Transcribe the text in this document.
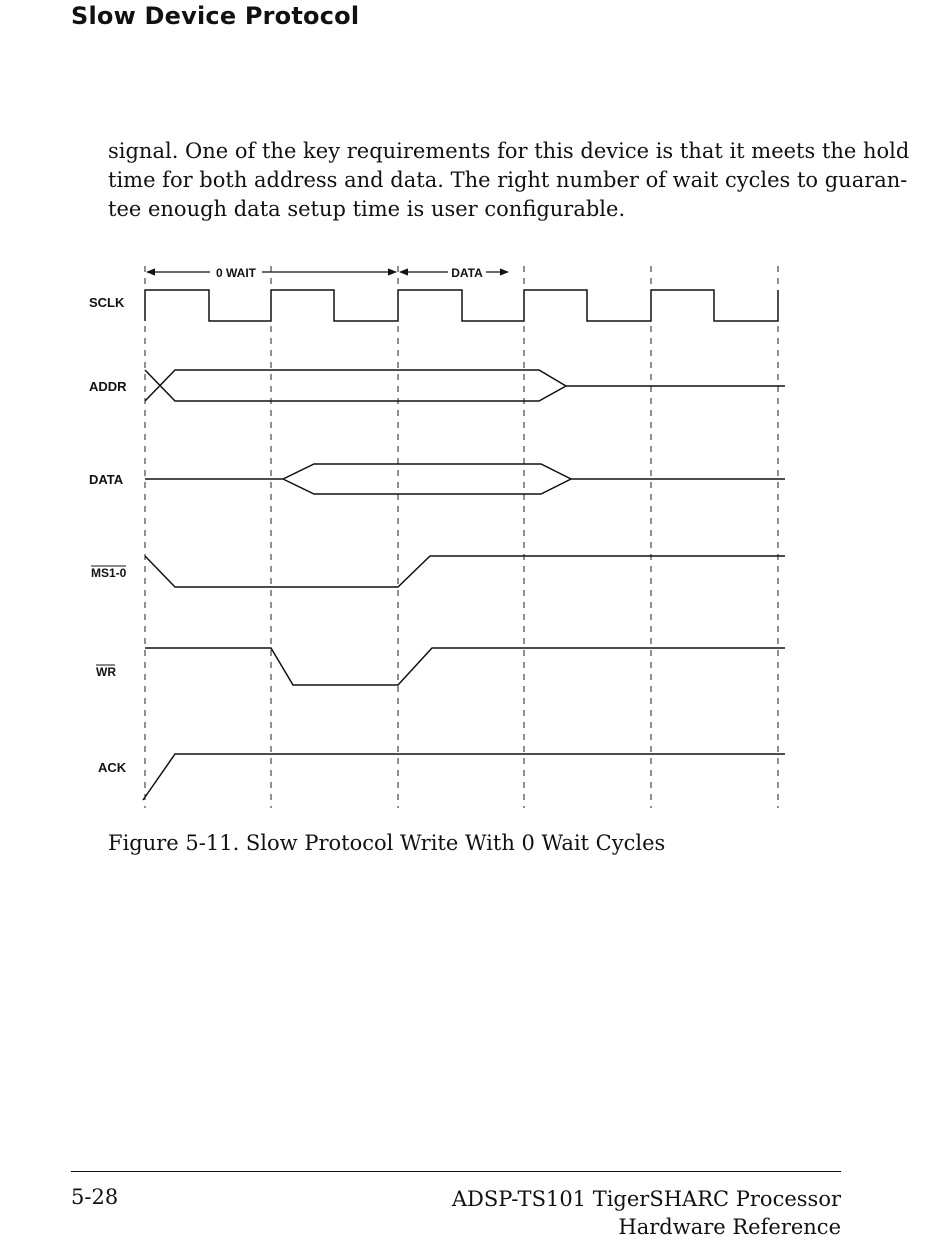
Slow Device Protocol
signal. One of the key requirements for this device is that it meets the hold
time for both address and data. The right number of wait cycles to guaran-
tee enough data setup time is user configurable.
0 WAIT	DATA
SCLK
ADDR
DATA
MS1-0
WR
ACK
Figure 5-11. Slow Protocol Write With 0 Wait Cycles
5-28	ADSP-TS101 TigerSHARC Processor
Hardware Reference
